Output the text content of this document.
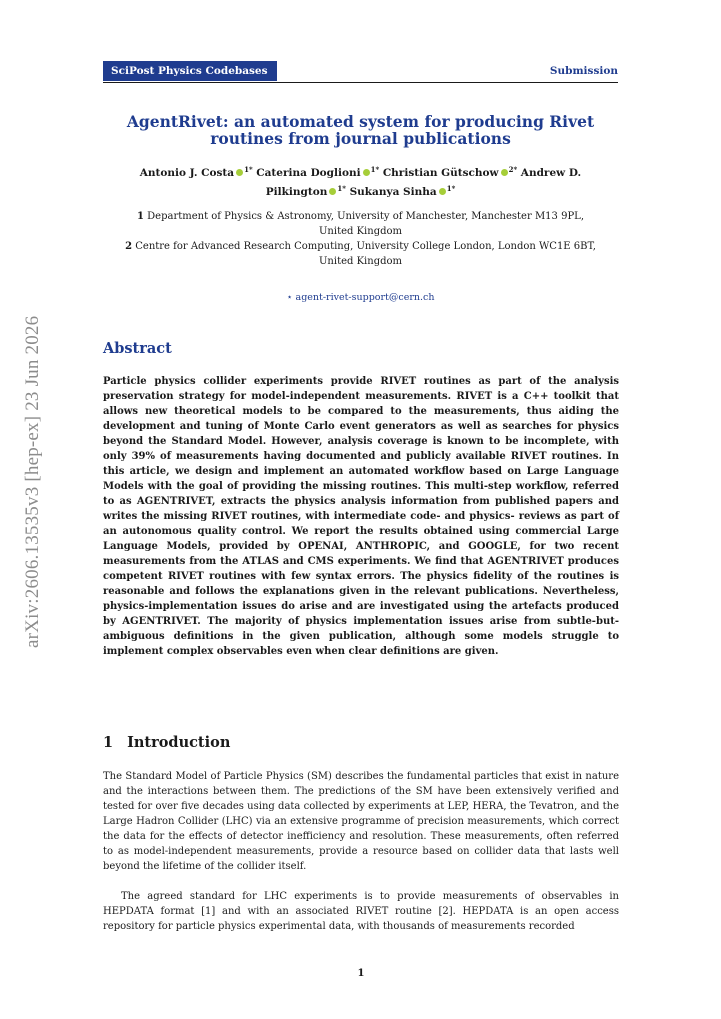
arXiv:2606.13535v3 [hep-ex] 23 Jun 2026
SciPost Physics Codebases	Submission
AgentRivet: an automated system for producing Rivet routines from journal publications
Antonio J. Costa $^{1*}$ Caterina Doglioni $^{1*}$ Christian Gütschow $^{2*}$ Andrew D.
Pilkington $^{1*}$ Sukanya Sinha $^{1*}$
1 Department of Physics & Astronomy, University of Manchester, Manchester M13 9PL,
United Kingdom
2 Centre for Advanced Research Computing, University College London, London WC1E 6BT,
United Kingdom
⋆ agent-rivet-support@cern.ch
Abstract
Particle physics collider experiments provide RIVET routines as part of the analysis preservation strategy for model-independent measurements. RIVET is a C++ toolkit that allows new theoretical models to be compared to the measurements, thus aiding the development and tuning of Monte Carlo event generators as well as searches for physics beyond the Standard Model. However, analysis coverage is known to be incomplete, with only 39% of measurements having documented and publicly available RIVET routines. In this article, we design and implement an automated workflow based on Large Language Models with the goal of providing the missing routines. This multi-step workflow, referred to as AGENTRIVET, extracts the physics analysis information from published papers and writes the missing RIVET routines, with intermediate code- and physics- reviews as part of an autonomous quality control. We report the results obtained using commercial Large Language Models, provided by OPENAI, ANTHROPIC, and GOOGLE, for two recent measurements from the ATLAS and CMS experiments. We find that AGENTRIVET produces competent RIVET routines with few syntax errors. The physics fidelity of the routines is reasonable and follows the explanations given in the relevant publications. Nevertheless, physics-implementation issues do arise and are investigated using the artefacts produced by AGENTRIVET. The majority of physics implementation issues arise from subtle-but-ambiguous definitions in the given publication, although some models struggle to implement complex observables even when clear definitions are given.
1 Introduction
The Standard Model of Particle Physics (SM) describes the fundamental particles that exist in nature and the interactions between them. The predictions of the SM have been extensively verified and tested for over five decades using data collected by experiments at LEP, HERA, the Tevatron, and the Large Hadron Collider (LHC) via an extensive programme of precision measurements, which correct the data for the effects of detector inefficiency and resolution. These measurements, often referred to as model-independent measurements, provide a resource based on collider data that lasts well beyond the lifetime of the collider itself.
The agreed standard for LHC experiments is to provide measurements of observables in HEPDATA format [1] and with an associated RIVET routine [2]. HEPDATA is an open access repository for particle physics experimental data, with thousands of measurements recorded
1
